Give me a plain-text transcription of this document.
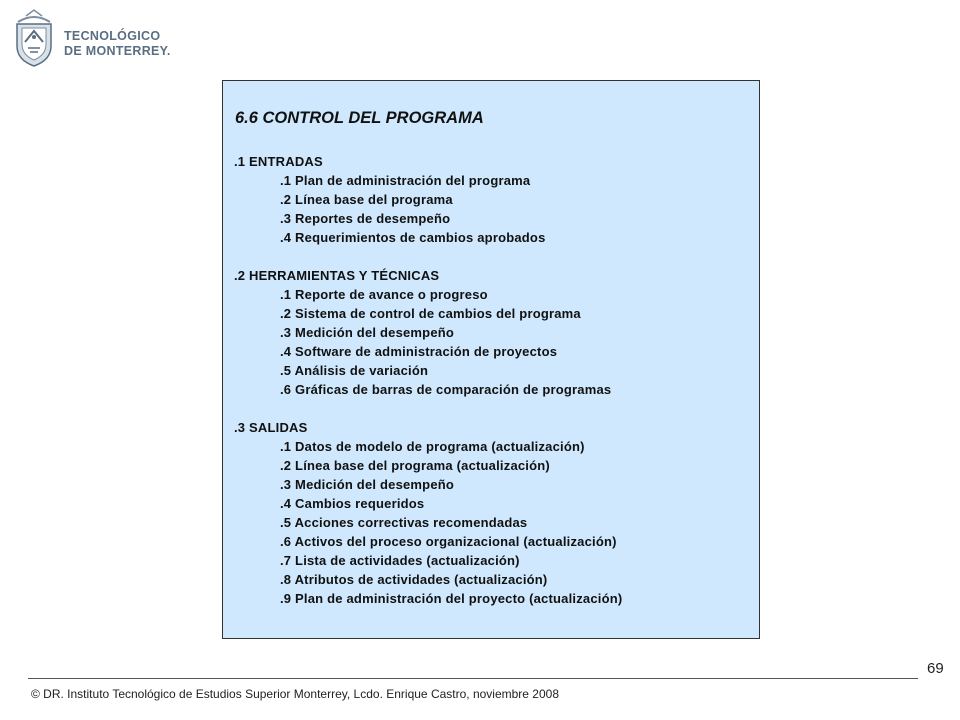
TECNOLÓGICO
DE MONTERREY.
6.6 CONTROL DEL PROGRAMA
.1 ENTRADAS
.1 Plan de administración del programa
.2 Línea base del programa
.3 Reportes de desempeño
.4 Requerimientos de cambios aprobados
.2 HERRAMIENTAS Y TÉCNICAS
.1 Reporte de avance o progreso
.2 Sistema de control de cambios del programa
.3 Medición del desempeño
.4 Software de administración de proyectos
.5 Análisis de variación
.6 Gráficas de barras de comparación de programas
.3 SALIDAS
.1 Datos de modelo de programa (actualización)
.2 Línea base del programa (actualización)
.3 Medición del desempeño
.4 Cambios requeridos
.5 Acciones correctivas recomendadas
.6 Activos del proceso organizacional (actualización)
.7 Lista de actividades (actualización)
.8 Atributos de actividades (actualización)
.9 Plan de administración del proyecto (actualización)
69
© DR. Instituto Tecnológico de Estudios Superior Monterrey, Lcdo. Enrique Castro, noviembre 2008
